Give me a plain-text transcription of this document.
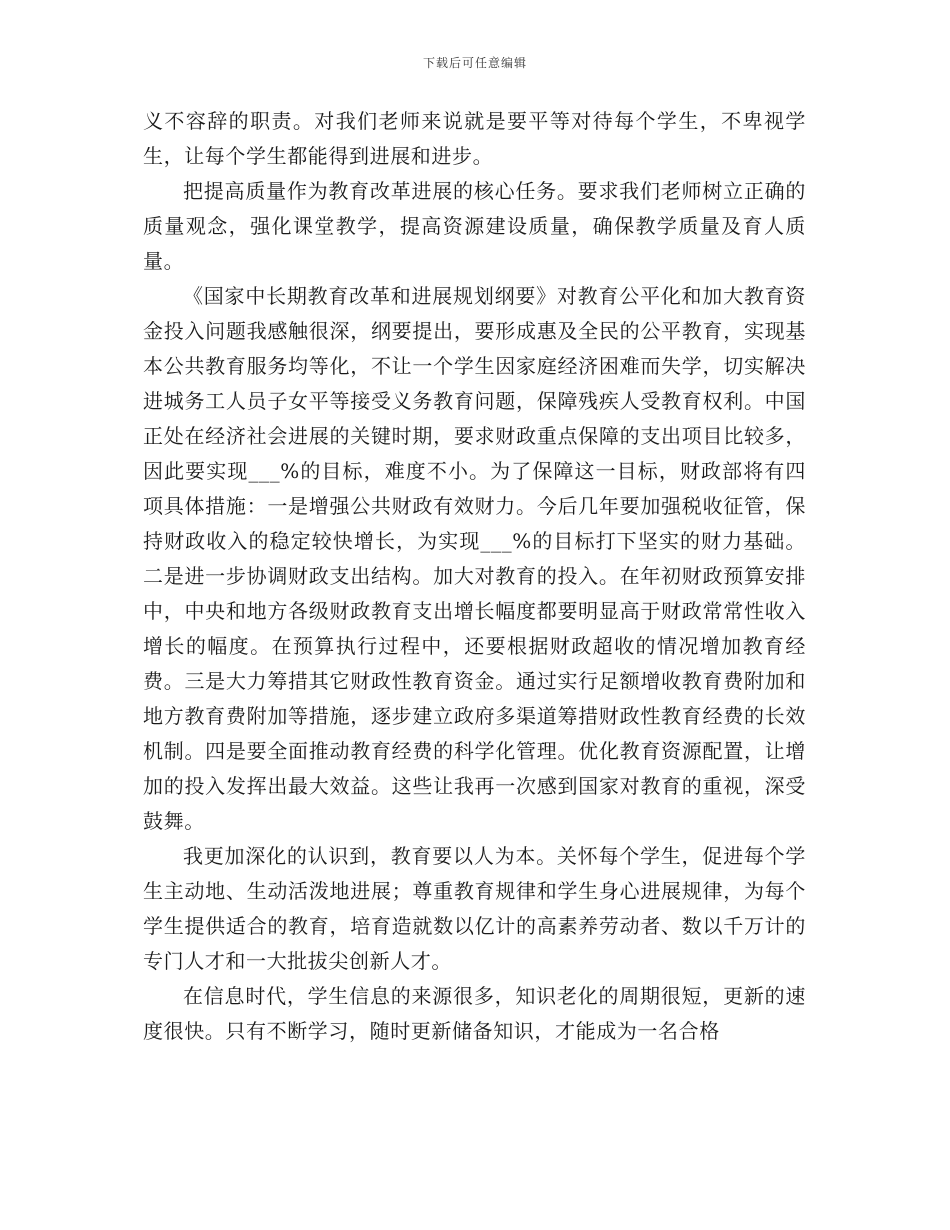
下载后可任意编辑

义不容辞的职责。对我们老师来说就是要平等对待每个学生，不卑视学生，让每个学生都能得到进展和进步。

把提高质量作为教育改革进展的核心任务。要求我们老师树立正确的质量观念，强化课堂教学，提高资源建设质量，确保教学质量及育人质量。

《国家中长期教育改革和进展规划纲要》对教育公平化和加大教育资金投入问题我感触很深，纲要提出，要形成惠及全民的公平教育，实现基本公共教育服务均等化，不让一个学生因家庭经济困难而失学，切实解决进城务工人员子女平等接受义务教育问题，保障残疾人受教育权利。中国正处在经济社会进展的关键时期，要求财政重点保障的支出项目比较多，因此要实现___%的目标，难度不小。为了保障这一目标，财政部将有四项具体措施：一是增强公共财政有效财力。今后几年要加强税收征管，保持财政收入的稳定较快增长，为实现___%的目标打下坚实的财力基础。二是进一步协调财政支出结构。加大对教育的投入。在年初财政预算安排中，中央和地方各级财政教育支出增长幅度都要明显高于财政常常性收入增长的幅度。在预算执行过程中，还要根据财政超收的情况增加教育经费。三是大力筹措其它财政性教育资金。通过实行足额增收教育费附加和地方教育费附加等措施，逐步建立政府多渠道筹措财政性教育经费的长效机制。四是要全面推动教育经费的科学化管理。优化教育资源配置，让增加的投入发挥出最大效益。这些让我再一次感到国家对教育的重视，深受鼓舞。

我更加深化的认识到，教育要以人为本。关怀每个学生，促进每个学生主动地、生动活泼地进展；尊重教育规律和学生身心进展规律，为每个学生提供适合的教育，培育造就数以亿计的高素养劳动者、数以千万计的专门人才和一大批拔尖创新人才。

在信息时代，学生信息的来源很多，知识老化的周期很短，更新的速度很快。只有不断学习，随时更新储备知识，才能成为一名合格
